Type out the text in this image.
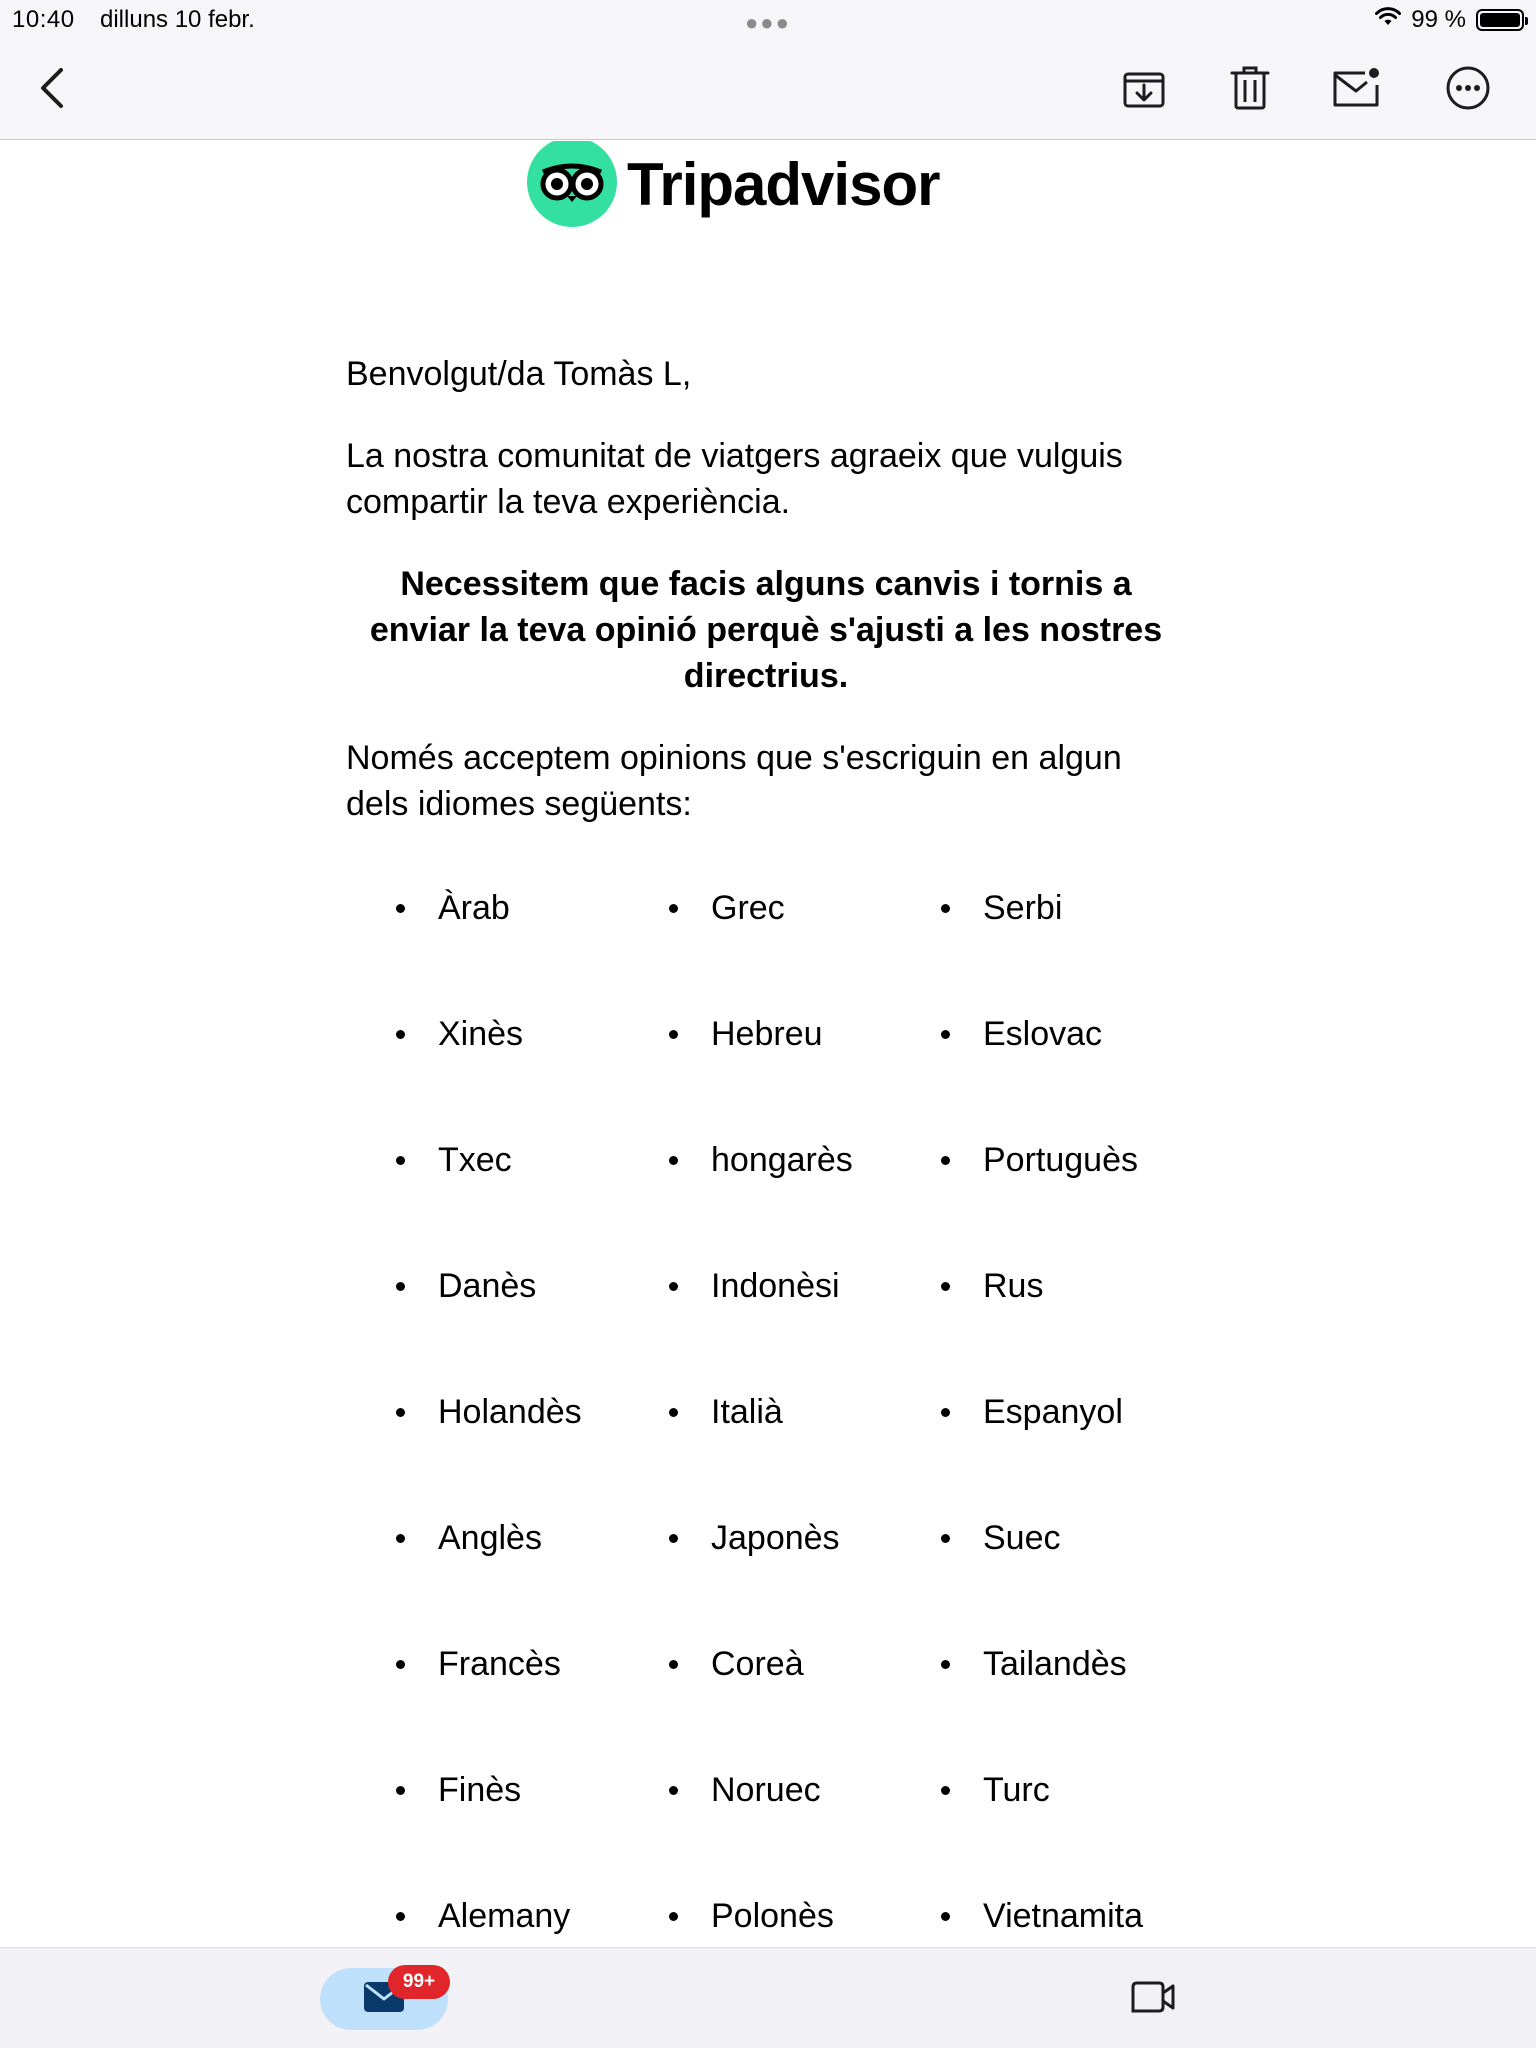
10:40 dilluns 10 febr.	●●●	99 %
Tripadvisor
Benvolgut/da Tomàs L,
La nostra comunitat de viatgers agraeix que vulguis compartir la teva experiència.
Necessitem que facis alguns canvis i tornis a enviar la teva opinió perquè s'ajusti a les nostres directrius.
Només acceptem opinions que s'escriguin en algun dels idiomes següents:
Àrab	Grec	Serbi
Xinès	Hebreu	Eslovac
Txec	hongarès	Portuguès
Danès	Indonèsi	Rus
Holandès	Italià	Espanyol
Anglès	Japonès	Suec
Francès	Coreà	Tailandès
Finès	Noruec	Turc
Alemany	Polonès	Vietnamita
99+
